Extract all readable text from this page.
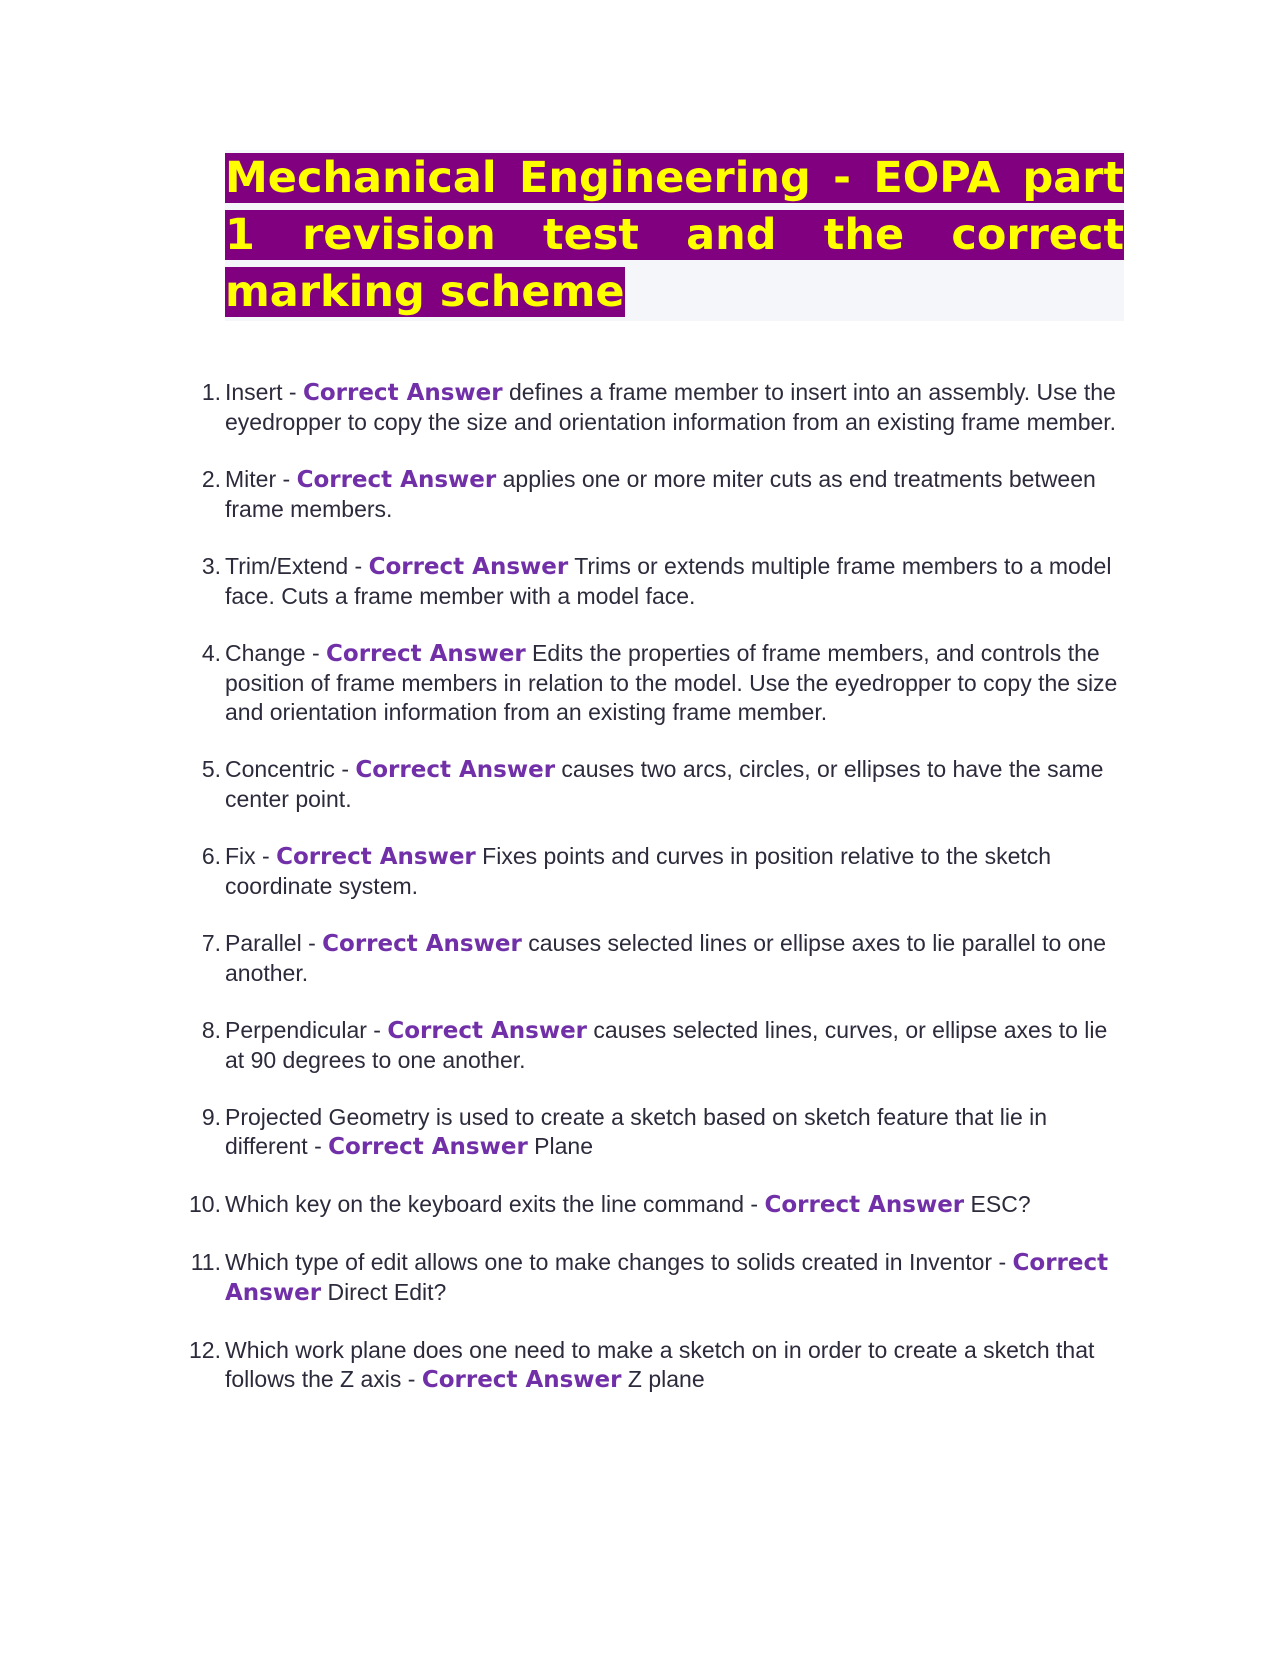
Mechanical Engineering - EOPA part 1 revision test and the correct marking scheme
1. Insert - Correct Answer defines a frame member to insert into an assembly. Use the eyedropper to copy the size and orientation information from an existing frame member.
2. Miter - Correct Answer applies one or more miter cuts as end treatments between frame members.
3. Trim/Extend - Correct Answer Trims or extends multiple frame members to a model face. Cuts a frame member with a model face.
4. Change - Correct Answer Edits the properties of frame members, and controls the position of frame members in relation to the model. Use the eyedropper to copy the size and orientation information from an existing frame member.
5. Concentric - Correct Answer causes two arcs, circles, or ellipses to have the same center point.
6. Fix - Correct Answer Fixes points and curves in position relative to the sketch coordinate system.
7. Parallel - Correct Answer causes selected lines or ellipse axes to lie parallel to one another.
8. Perpendicular - Correct Answer causes selected lines, curves, or ellipse axes to lie at 90 degrees to one another.
9. Projected Geometry is used to create a sketch based on sketch feature that lie in different - Correct Answer Plane
10. Which key on the keyboard exits the line command - Correct Answer ESC?
11. Which type of edit allows one to make changes to solids created in Inventor - Correct Answer Direct Edit?
12. Which work plane does one need to make a sketch on in order to create a sketch that follows the Z axis - Correct Answer Z plane
